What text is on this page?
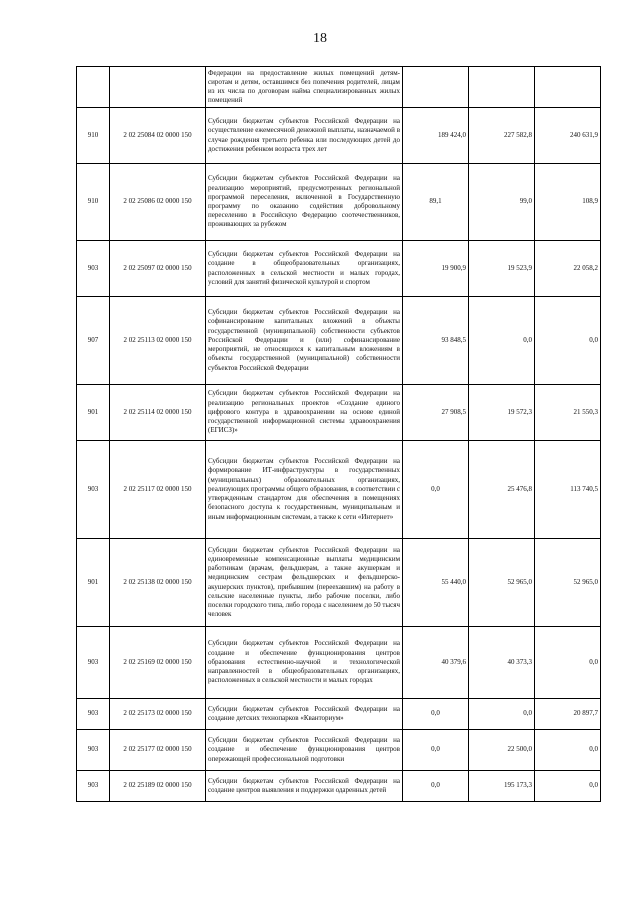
18
		Федерации на предоставление жилых помещений детям-сиротам и детям, оставшимся без попечения родителей, лицам из их числа по договорам найма специализированных жилых помещений			
910	2 02 25084 02 0000 150	Субсидии бюджетам субъектов Российской Федерации на осуществление ежемесячной денежной выплаты, назначаемой в случае рождения третьего ребенка или последующих детей до достижения ребенком возраста трех лет	189 424,0	227 582,8	240 631,9
910	2 02 25086 02 0000 150	Субсидии бюджетам субъектов Российской Федерации на реализацию мероприятий, предусмотренных региональной программой переселения, включенной в Государственную программу по оказанию содействия добровольному переселению в Российскую Федерацию соотечественников, проживающих за рубежом	89,1	99,0	108,9
903	2 02 25097 02 0000 150	Субсидии бюджетам субъектов Российской Федерации на создание в общеобразовательных организациях, расположенных в сельской местности и малых городах, условий для занятий физической культурой и спортом	19 900,9	19 523,9	22 058,2
907	2 02 25113 02 0000 150	Субсидии бюджетам субъектов Российской Федерации на софинансирование капитальных вложений в объекты государственной (муниципальной) собственности субъектов Российской Федерации и (или) софинансирование мероприятий, не относящихся к капитальным вложениям в объекты государственной (муниципальной) собственности субъектов Российской Федерации	93 848,5	0,0	0,0
901	2 02 25114 02 0000 150	Субсидии бюджетам субъектов Российской Федерации на реализацию региональных проектов «Создание единого цифрового контура в здравоохранении на основе единой государственной информационной системы здравоохранения (ЕГИСЗ)»	27 908,5	19 572,3	21 550,3
903	2 02 25117 02 0000 150	Субсидии бюджетам субъектов Российской Федерации на формирование ИТ-инфраструктуры в государственных (муниципальных) образовательных организациях, реализующих программы общего образования, в соответствии с утвержденным стандартом для обеспечения в помещениях безопасного доступа к государственным, муниципальным и иным информационным системам, а также к сети «Интернет»	0,0	25 476,8	113 740,5
901	2 02 25138 02 0000 150	Субсидии бюджетам субъектов Российской Федерации на единовременные компенсационные выплаты медицинским работникам (врачам, фельдшерам, а также акушеркам и медицинским сестрам фельдшерских и фельдшерско-акушерских пунктов), прибывшим (переехавшим) на работу в сельские населенные пункты, либо рабочие поселки, либо поселки городского типа, либо города с населением до 50 тысяч человек	55 440,0	52 965,0	52 965,0
903	2 02 25169 02 0000 150	Субсидии бюджетам субъектов Российской Федерации на создание и обеспечение функционирования центров образования естественно-научной и технологической направленностей в общеобразовательных организациях, расположенных в сельской местности и малых городах	40 379,6	40 373,3	0,0
903	2 02 25173 02 0000 150	Субсидии бюджетам субъектов Российской Федерации на создание детских технопарков «Кванториум»	0,0	0,0	20 897,7
903	2 02 25177 02 0000 150	Субсидии бюджетам субъектов Российской Федерации на создание и обеспечение функционирования центров опережающей профессиональной подготовки	0,0	22 500,0	0,0
903	2 02 25189 02 0000 150	Субсидии бюджетам субъектов Российской Федерации на создание центров выявления и поддержки одаренных детей	0,0	195 173,3	0,0
